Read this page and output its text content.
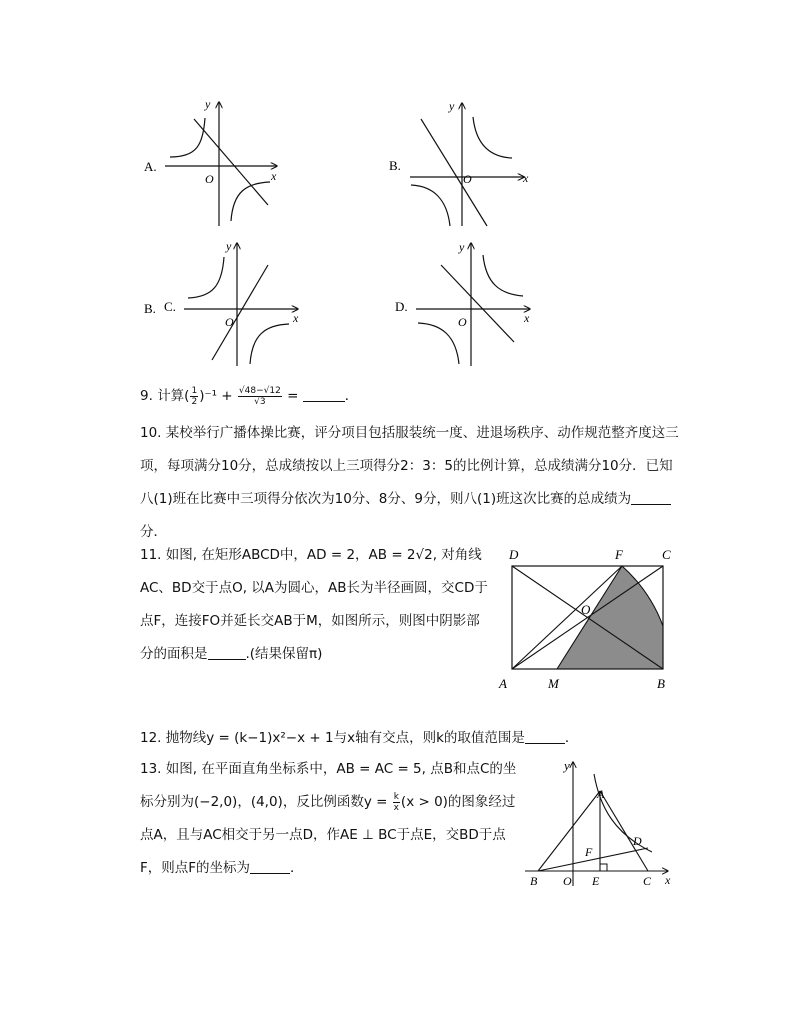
y
x
O
A.
y
x
O
B.
y
x
O
B. C.
y
x
O
D.
9. 计算( $\frac{1}{2} )^{-1} + \frac{√48-√12}{√3}$ =	．
10. 某校举行广播体操比赛，评分项目包括服装统一度、进退场秩序、动作规范整齐度这三
项，每项满分10分，总成绩按以上三项得分2：3：5的比例计算，总成绩满分10分．已知
八(1)班在比赛中三项得分依次为10分、8分、9分，则八(1)班这次比赛的总成绩为
分．
11. 如图, 在矩形ABCD中，AD = 2，AB = 2√2, 对角线
AC、BD交于点O, 以A为圆心，AB长为半径画圆，交CD于
点F，连接FO并延长交AB于M，如图所示，则图中阴影部
分的面积是	.(结果保留π)
D	F	C
O
A	M	B
12. 抛物线y = (k−1)x²−x + 1与x轴有交点，则k的取值范围是	．
13. 如图, 在平面直角坐标系中，AB = AC = 5, 点B和点C的坐
标分别为(−2,0)，(4,0)，反比例函数$y = \frac{k}{x} (x > 0)$的图象经过
点A，且与AC相交于另一点D，作AE ⊥ BC于点E，交BD于点
F，则点F的坐标为	．
y
A
D
F
B O E	C x
